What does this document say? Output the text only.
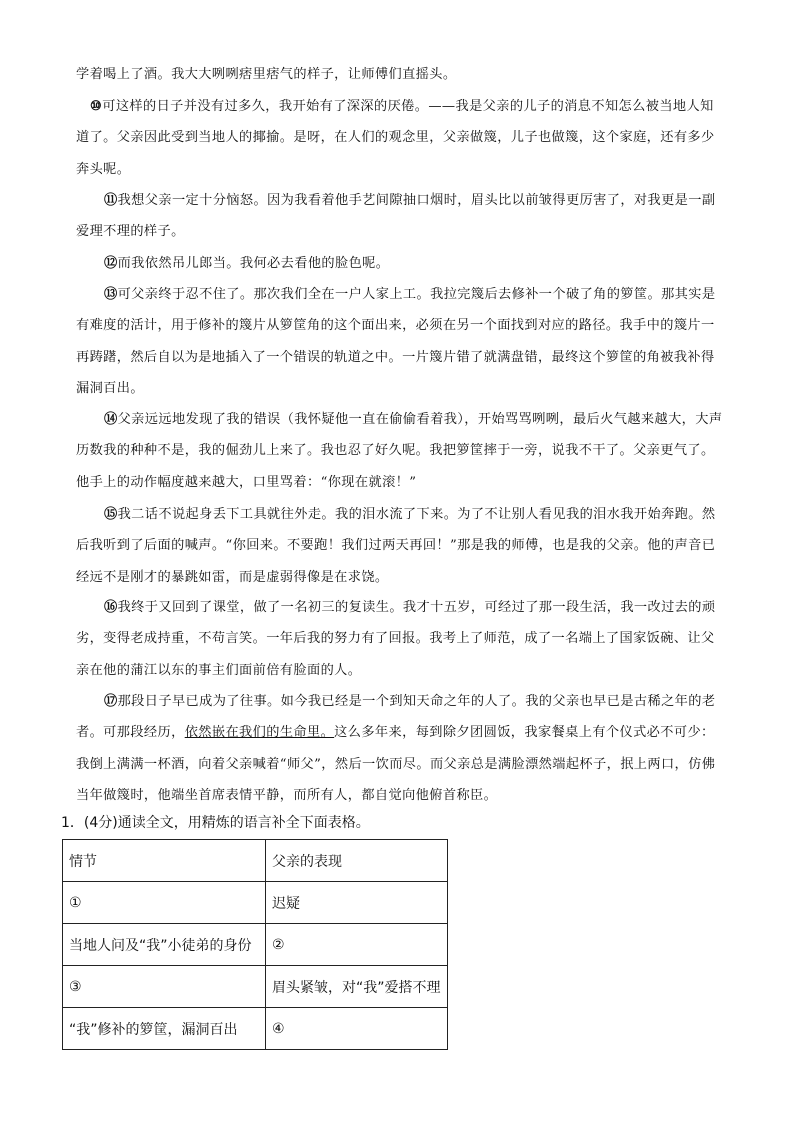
学着喝上了酒。我大大咧咧痞里痞气的样子，让师傅们直摇头。

⑩可这样的日子并没有过多久，我开始有了深深的厌倦。——我是父亲的儿子的消息不知怎么被当地人知道了。父亲因此受到当地人的揶揄。是呀，在人们的观念里，父亲做篾，儿子也做篾，这个家庭，还有多少奔头呢。

⑪我想父亲一定十分恼怒。因为我看着他手艺间隙抽口烟时，眉头比以前皱得更厉害了，对我更是一副爱理不理的样子。

⑫而我依然吊儿郎当。我何必去看他的脸色呢。

⑬可父亲终于忍不住了。那次我们全在一户人家上工。我拉完篾后去修补一个破了角的箩筐。那其实是有难度的活计，用于修补的篾片从箩筐角的这个面出来，必须在另一个面找到对应的路径。我手中的篾片一再踌躇，然后自以为是地插入了一个错误的轨道之中。一片篾片错了就满盘错，最终这个箩筐的角被我补得漏洞百出。

⑭父亲远远地发现了我的错误（我怀疑他一直在偷偷看着我），开始骂骂咧咧，最后火气越来越大，大声历数我的种种不是，我的倔劲儿上来了。我也忍了好久呢。我把箩筐摔于一旁，说我不干了。父亲更气了。他手上的动作幅度越来越大，口里骂着：“你现在就滚！”

⑮我二话不说起身丢下工具就往外走。我的泪水流了下来。为了不让别人看见我的泪水我开始奔跑。然后我听到了后面的喊声。“你回来。不要跑！我们过两天再回！”那是我的师傅，也是我的父亲。他的声音已经远不是刚才的暴跳如雷，而是虚弱得像是在求饶。

⑯我终于又回到了课堂，做了一名初三的复读生。我才十五岁，可经过了那一段生活，我一改过去的顽劣，变得老成持重，不苟言笑。一年后我的努力有了回报。我考上了师范，成了一名端上了国家饭碗、让父亲在他的蒲江以东的事主们面前倍有脸面的人。

⑰那段日子早已成为了往事。如今我已经是一个到知天命之年的人了。我的父亲也早已是古稀之年的老者。可那段经历，依然嵌在我们的生命里。这么多年来，每到除夕团圆饭，我家餐桌上有个仪式必不可少：我倒上满满一杯酒，向着父亲喊着“师父”，然后一饮而尽。而父亲总是满脸漂然端起杯子，抿上两口，仿佛当年做篾时，他端坐首席表情平静，而所有人，都自觉向他俯首称臣。

1．(4分)通读全文，用精炼的语言补全下面表格。

情节	父亲的表现
①	迟疑
当地人问及“我”小徒弟的身份	②
③	眉头紧皱，对“我”爱搭不理
“我”修补的箩筐，漏洞百出	④
